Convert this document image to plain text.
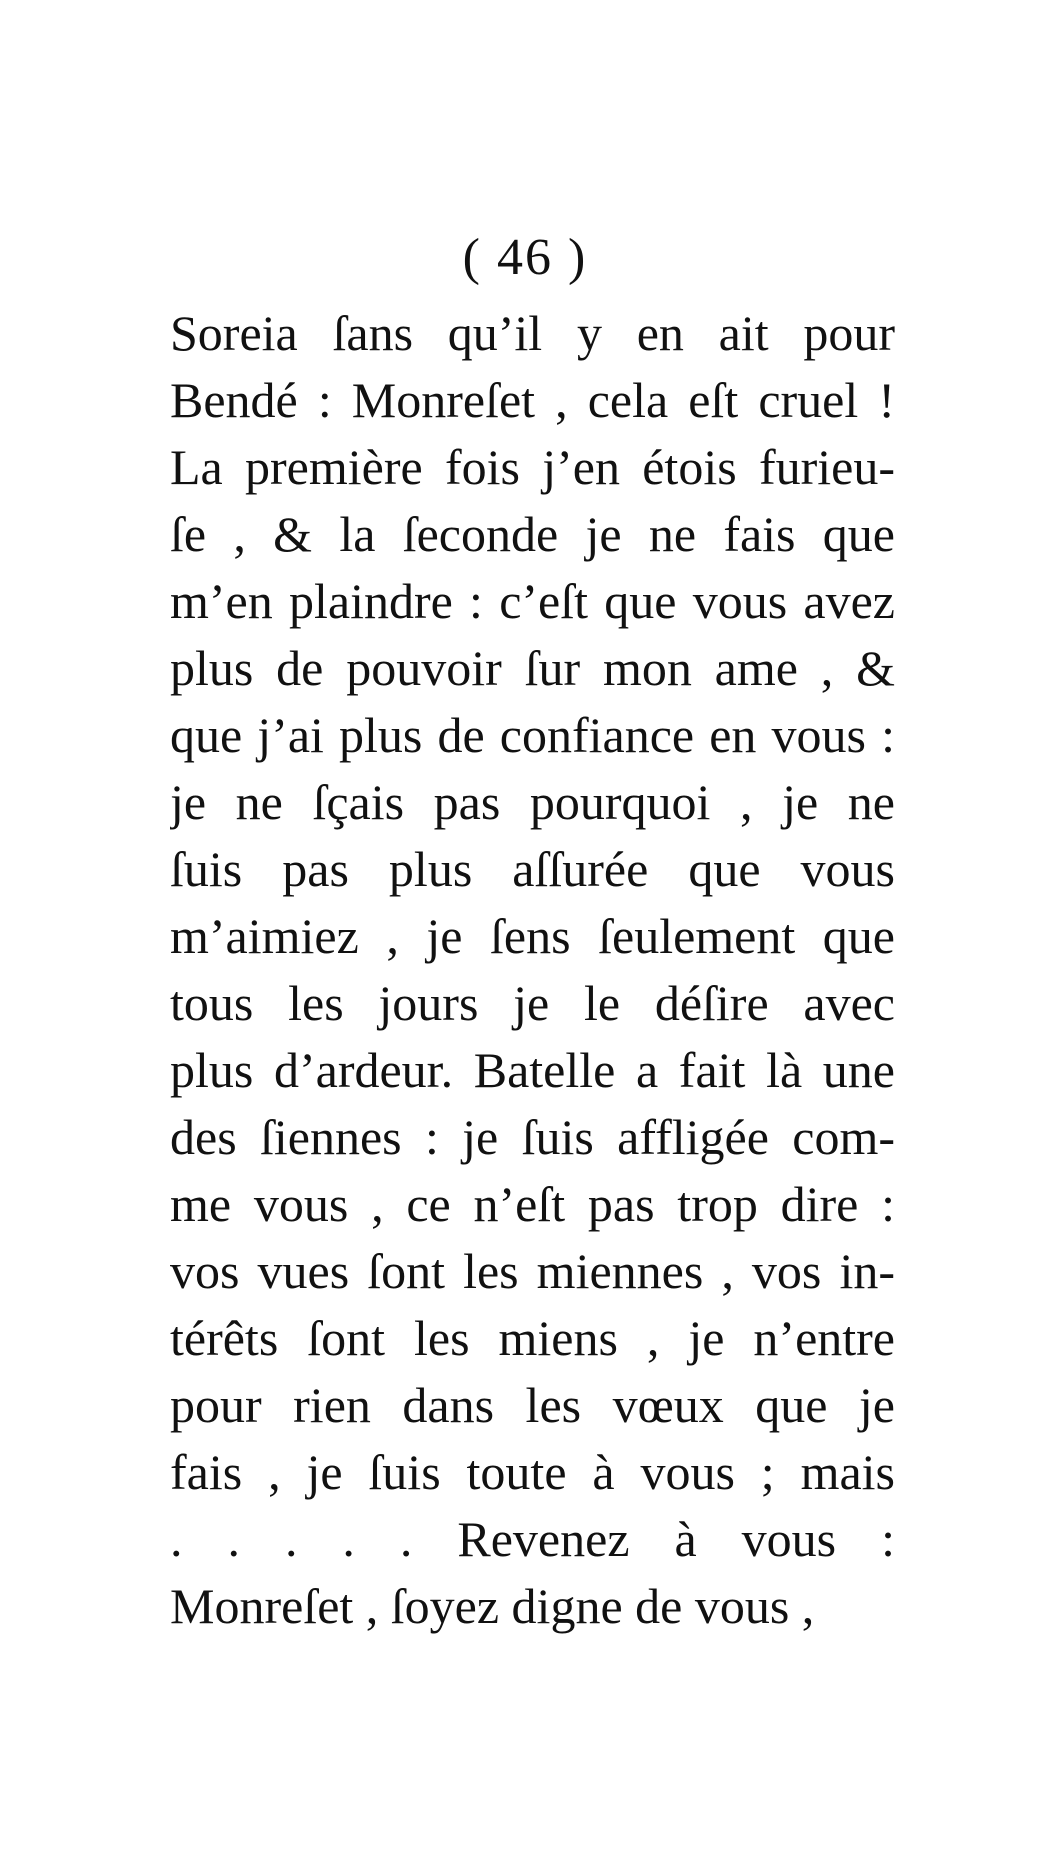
( 46 )
Soreia ſans qu’il y en ait pour
Bendé : Monreſet , cela eſt cruel !
La première fois j’en étois furieu-
ſe , & la ſeconde je ne fais que
m’en plaindre : c’eſt que vous avez
plus de pouvoir ſur mon ame , &
que j’ai plus de confiance en vous :
je ne ſçais pas pourquoi , je ne
ſuis pas plus aſſurée que vous
m’aimiez , je ſens ſeulement que
tous les jours je le déſire avec
plus d’ardeur. Batelle a fait là une
des ſiennes : je ſuis affligée com-
me vous , ce n’eſt pas trop dire :
vos vues ſont les miennes , vos in-
térêts ſont les miens , je n’entre
pour rien dans les vœux que je
fais , je ſuis toute à vous ; mais
. . . . . Revenez à vous :
Monreſet , ſoyez digne de vous ,
